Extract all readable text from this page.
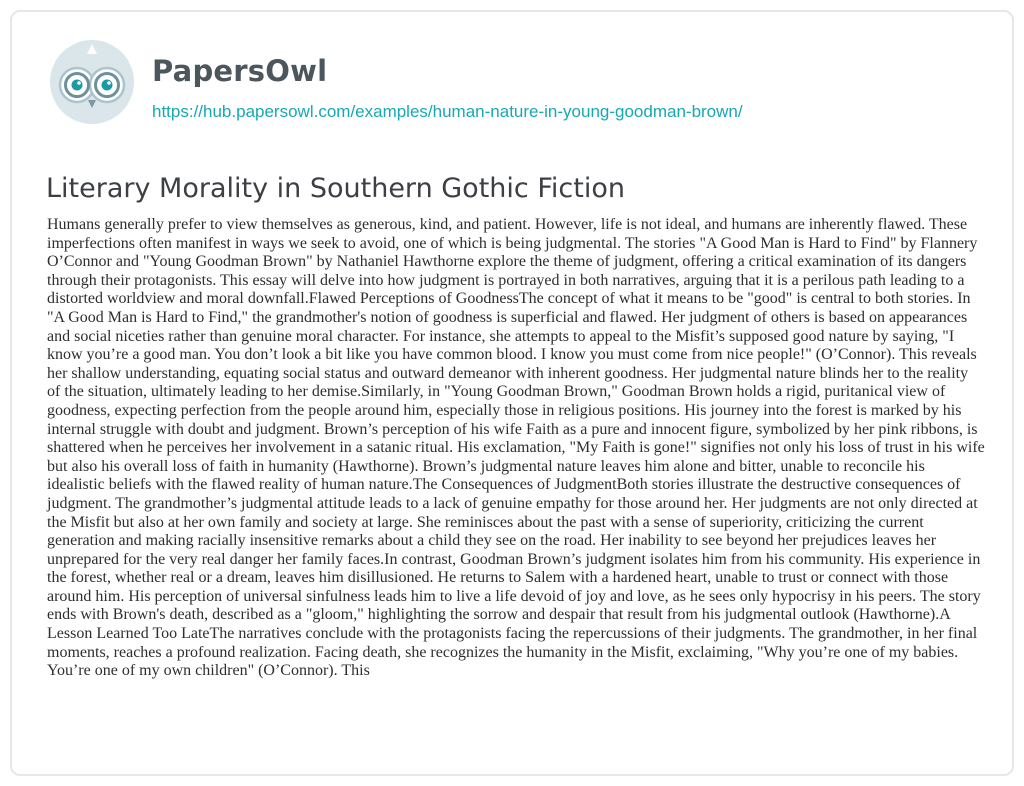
PapersOwl
https://hub.papersowl.com/examples/human-nature-in-young-goodman-brown/
Literary Morality in Southern Gothic Fiction

Humans generally prefer to view themselves as generous, kind, and patient. However, life is not ideal, and humans are inherently flawed. These imperfections often manifest in ways we seek to avoid, one of which is being judgmental. The stories "A Good Man is Hard to Find" by Flannery O’Connor and "Young Goodman Brown" by Nathaniel Hawthorne explore the theme of judgment, offering a critical examination of its dangers through their protagonists. This essay will delve into how judgment is portrayed in both narratives, arguing that it is a perilous path leading to a distorted worldview and moral downfall.Flawed Perceptions of GoodnessThe concept of what it means to be "good" is central to both stories. In "A Good Man is Hard to Find," the grandmother's notion of goodness is superficial and flawed. Her judgment of others is based on appearances and social niceties rather than genuine moral character. For instance, she attempts to appeal to the Misfit’s supposed good nature by saying, "I know you’re a good man. You don’t look a bit like you have common blood. I know you must come from nice people!" (O’Connor). This reveals her shallow understanding, equating social status and outward demeanor with inherent goodness. Her judgmental nature blinds her to the reality of the situation, ultimately leading to her demise.Similarly, in "Young Goodman Brown," Goodman Brown holds a rigid, puritanical view of goodness, expecting perfection from the people around him, especially those in religious positions. His journey into the forest is marked by his internal struggle with doubt and judgment. Brown’s perception of his wife Faith as a pure and innocent figure, symbolized by her pink ribbons, is shattered when he perceives her involvement in a satanic ritual. His exclamation, "My Faith is gone!" signifies not only his loss of trust in his wife but also his overall loss of faith in humanity (Hawthorne). Brown’s judgmental nature leaves him alone and bitter, unable to reconcile his idealistic beliefs with the flawed reality of human nature.The Consequences of JudgmentBoth stories illustrate the destructive consequences of judgment. The grandmother’s judgmental attitude leads to a lack of genuine empathy for those around her. Her judgments are not only directed at the Misfit but also at her own family and society at large. She reminisces about the past with a sense of superiority, criticizing the current generation and making racially insensitive remarks about a child they see on the road. Her inability to see beyond her prejudices leaves her unprepared for the very real danger her family faces.In contrast, Goodman Brown’s judgment isolates him from his community. His experience in the forest, whether real or a dream, leaves him disillusioned. He returns to Salem with a hardened heart, unable to trust or connect with those around him. His perception of universal sinfulness leads him to live a life devoid of joy and love, as he sees only hypocrisy in his peers. The story ends with Brown's death, described as a "gloom," highlighting the sorrow and despair that result from his judgmental outlook (Hawthorne).A Lesson Learned Too LateThe narratives conclude with the protagonists facing the repercussions of their judgments. The grandmother, in her final moments, reaches a profound realization. Facing death, she recognizes the humanity in the Misfit, exclaiming, "Why you’re one of my babies. You’re one of my own children" (O’Connor). This
